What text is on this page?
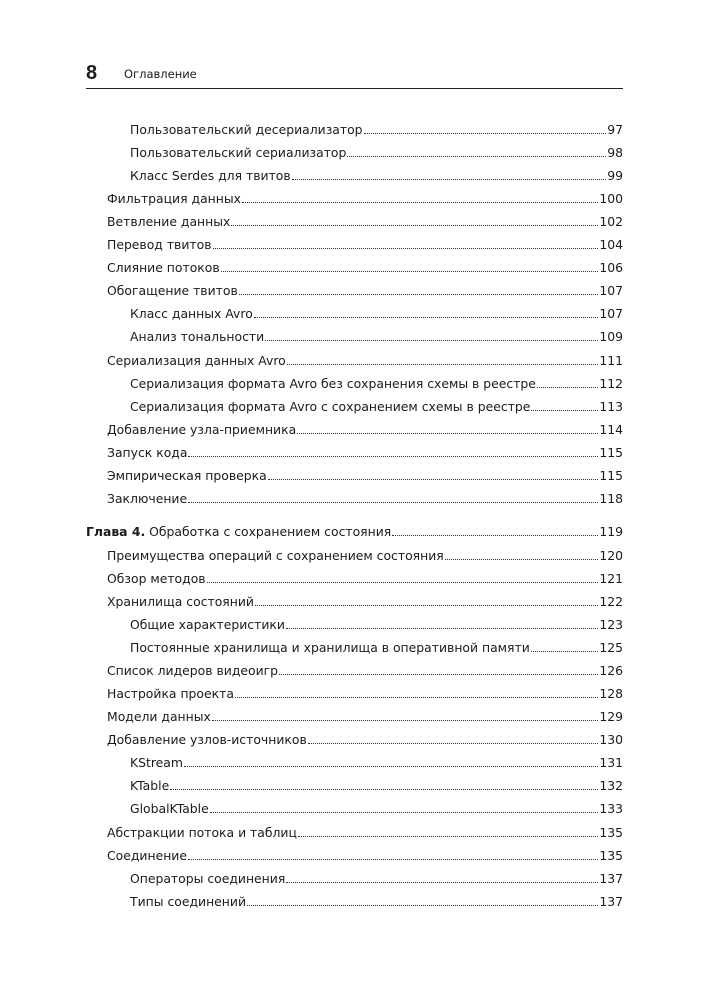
8 Оглавление
Пользовательский десериализатор	97
Пользовательский сериализатор	98
Класс Serdes для твитов	99
Фильтрация данных	100
Ветвление данных	102
Перевод твитов	104
Слияние потоков	106
Обогащение твитов	107
Класс данных Avro	107
Анализ тональности	109
Сериализация данных Avro	111
Сериализация формата Avro без сохранения схемы в реестре	112
Сериализация формата Avro с сохранением схемы в реестре	113
Добавление узла-приемника	114
Запуск кода	115
Эмпирическая проверка	115
Заключение	118
Глава 4. Обработка с сохранением состояния	119
Преимущества операций с сохранением состояния	120
Обзор методов	121
Хранилища состояний	122
Общие характеристики	123
Постоянные хранилища и хранилища в оперативной памяти	125
Список лидеров видеоигр	126
Настройка проекта	128
Модели данных	129
Добавление узлов-источников	130
KStream	131
KTable	132
GlobalKTable	133
Абстракции потока и таблиц	135
Соединение	135
Операторы соединения	137
Типы соединений	137
